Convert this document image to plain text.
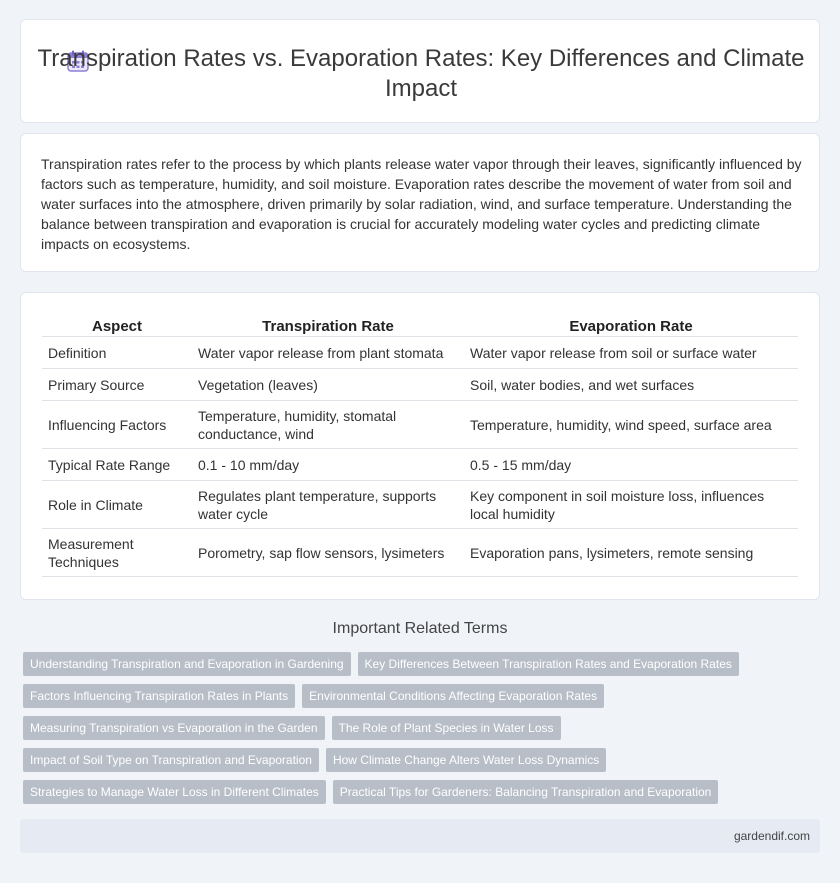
Transpiration Rates vs. Evaporation Rates: Key Differences and Climate Impact

Transpiration rates refer to the process by which plants release water vapor through their leaves, significantly influenced by factors such as temperature, humidity, and soil moisture. Evaporation rates describe the movement of water from soil and water surfaces into the atmosphere, driven primarily by solar radiation, wind, and surface temperature. Understanding the balance between transpiration and evaporation is crucial for accurately modeling water cycles and predicting climate impacts on ecosystems.

Aspect	Transpiration Rate	Evaporation Rate
Definition	Water vapor release from plant stomata	Water vapor release from soil or surface water
Primary Source	Vegetation (leaves)	Soil, water bodies, and wet surfaces
Influencing Factors	Temperature, humidity, stomatal conductance, wind	Temperature, humidity, wind speed, surface area
Typical Rate Range	0.1 - 10 mm/day	0.5 - 15 mm/day
Role in Climate	Regulates plant temperature, supports water cycle	Key component in soil moisture loss, influences local humidity
Measurement Techniques	Porometry, sap flow sensors, lysimeters	Evaporation pans, lysimeters, remote sensing
Important Related Terms
Understanding Transpiration and Evaporation in Gardening	Key Differences Between Transpiration Rates and Evaporation Rates
Factors Influencing Transpiration Rates in Plants	Environmental Conditions Affecting Evaporation Rates
Measuring Transpiration vs Evaporation in the Garden	The Role of Plant Species in Water Loss
Impact of Soil Type on Transpiration and Evaporation	How Climate Change Alters Water Loss Dynamics
Strategies to Manage Water Loss in Different Climates	Practical Tips for Gardeners: Balancing Transpiration and Evaporation
gardendif.com
